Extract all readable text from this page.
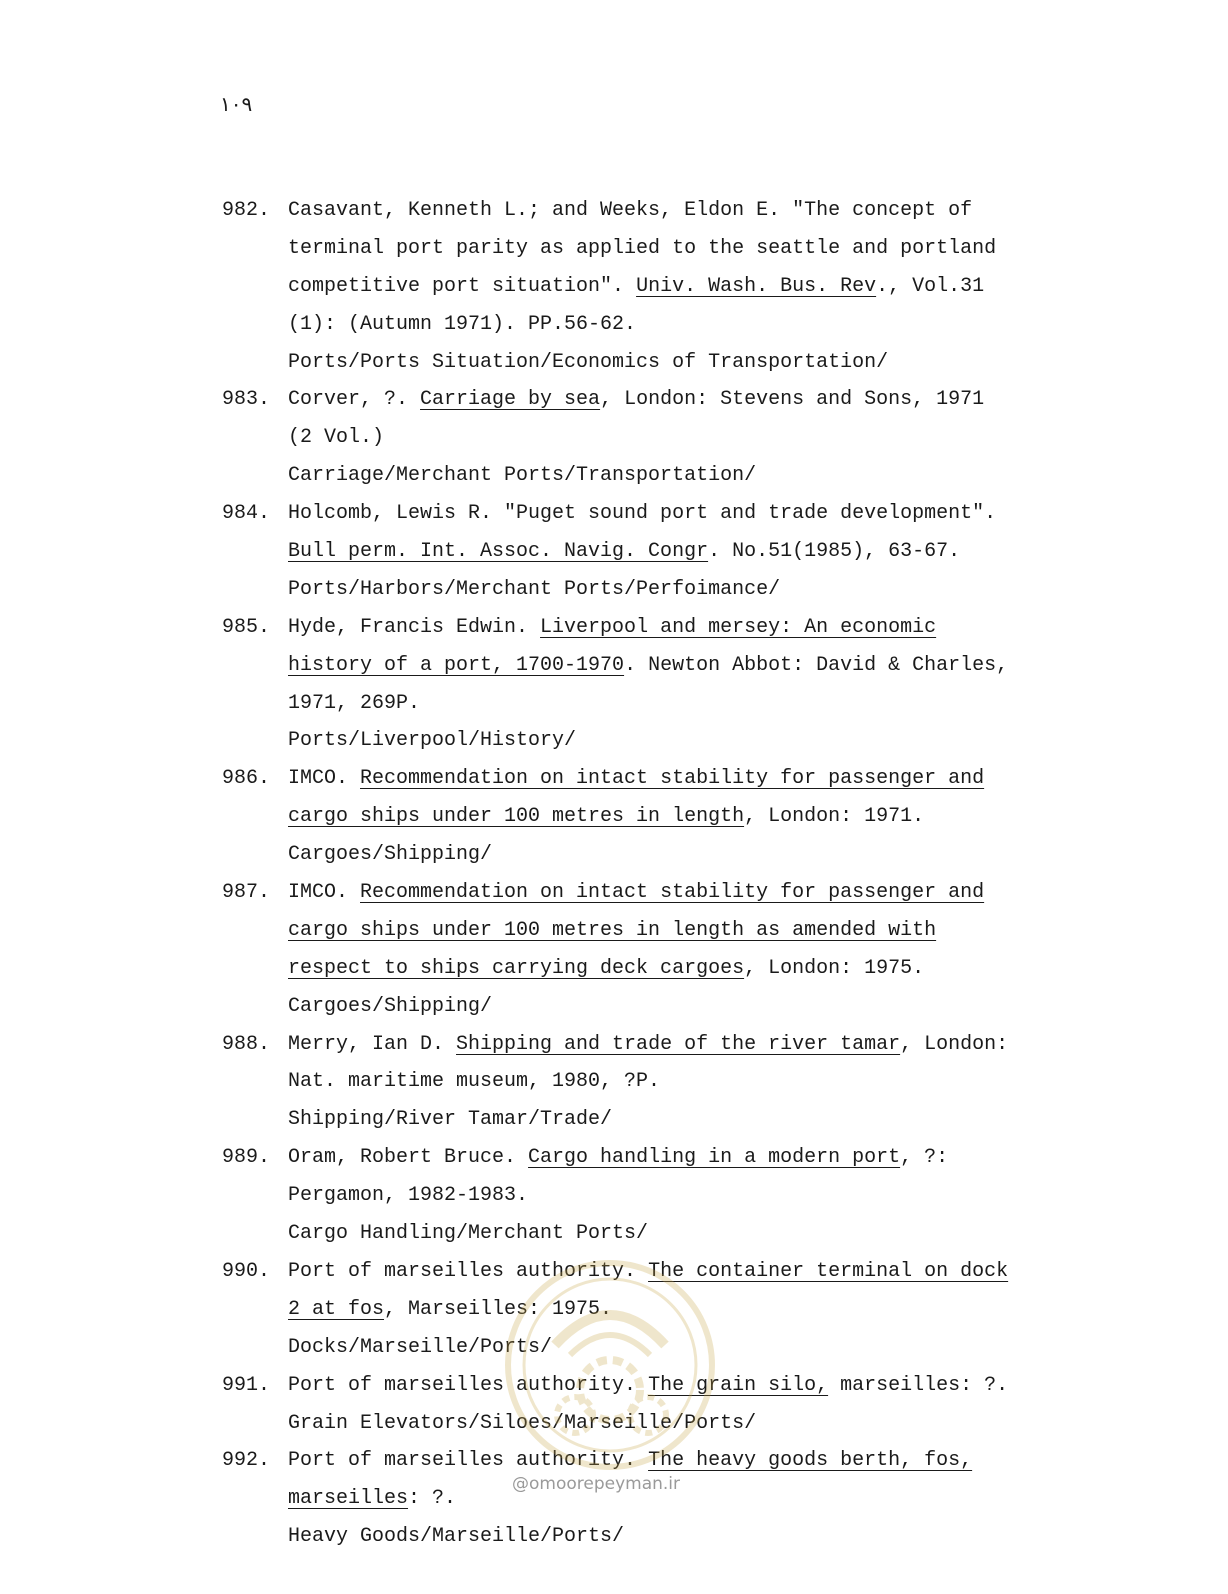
۱۰۹
982. Casavant, Kenneth L.; and Weeks, Eldon E. "The concept of
terminal port parity as applied to the seattle and portland
competitive port situation". Univ. Wash. Bus. Rev., Vol.31
(1): (Autumn 1971). PP.56-62.
Ports/Ports Situation/Economics of Transportation/
983. Corver, ?. Carriage by sea, London: Stevens and Sons, 1971
(2 Vol.)
Carriage/Merchant Ports/Transportation/
984. Holcomb, Lewis R. "Puget sound port and trade development".
Bull perm. Int. Assoc. Navig. Congr. No.51(1985), 63-67.
Ports/Harbors/Merchant Ports/Perfoimance/
985. Hyde, Francis Edwin. Liverpool and mersey: An economic
history of a port, 1700-1970. Newton Abbot: David & Charles,
1971, 269P.
Ports/Liverpool/History/
986. IMCO. Recommendation on intact stability for passenger and
cargo ships under 100 metres in length, London: 1971.
Cargoes/Shipping/
987. IMCO. Recommendation on intact stability for passenger and
cargo ships under 100 metres in length as amended with
respect to ships carrying deck cargoes, London: 1975.
Cargoes/Shipping/
988. Merry, Ian D. Shipping and trade of the river tamar, London:
Nat. maritime museum, 1980, ?P.
Shipping/River Tamar/Trade/
989. Oram, Robert Bruce. Cargo handling in a modern port, ?:
Pergamon, 1982-1983.
Cargo Handling/Merchant Ports/
990. Port of marseilles authority. The container terminal on dock
2 at fos, Marseilles: 1975.
Docks/Marseille/Ports/
991. Port of marseilles authority. The grain silo, marseilles: ?.
Grain Elevators/Siloes/Marseille/Ports/
992. Port of marseilles authority. The heavy goods berth, fos,
marseilles: ?.
Heavy Goods/Marseille/Ports/
@omoorepeyman.ir
